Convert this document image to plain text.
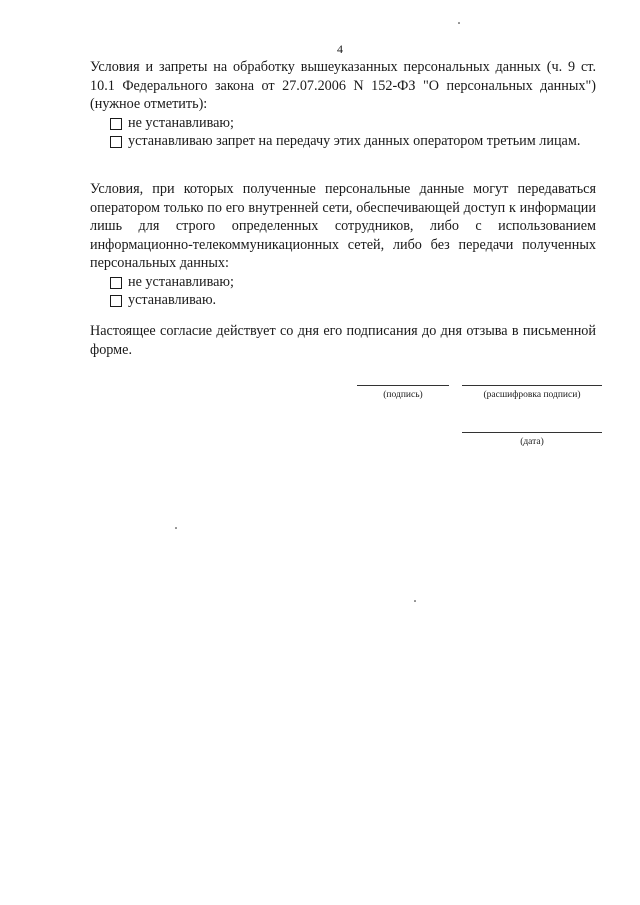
4
Условия и запреты на обработку вышеуказанных персональных данных (ч. 9 ст. 10.1 Федерального закона от 27.07.2006 N 152-ФЗ "О персональных данных") (нужное отметить):
не устанавливаю;
устанавливаю запрет на передачу этих данных оператором третьим лицам.
Условия, при которых полученные персональные данные могут передаваться оператором только по его внутренней сети, обеспечивающей доступ к информации лишь для строго определенных сотрудников, либо с использованием информационно-телекоммуникационных сетей, либо без передачи полученных персональных данных:
не устанавливаю;
устанавливаю.
Настоящее согласие действует со дня его подписания до дня отзыва в письменной форме.
(подпись)	(расшифровка подписи)
(дата)
